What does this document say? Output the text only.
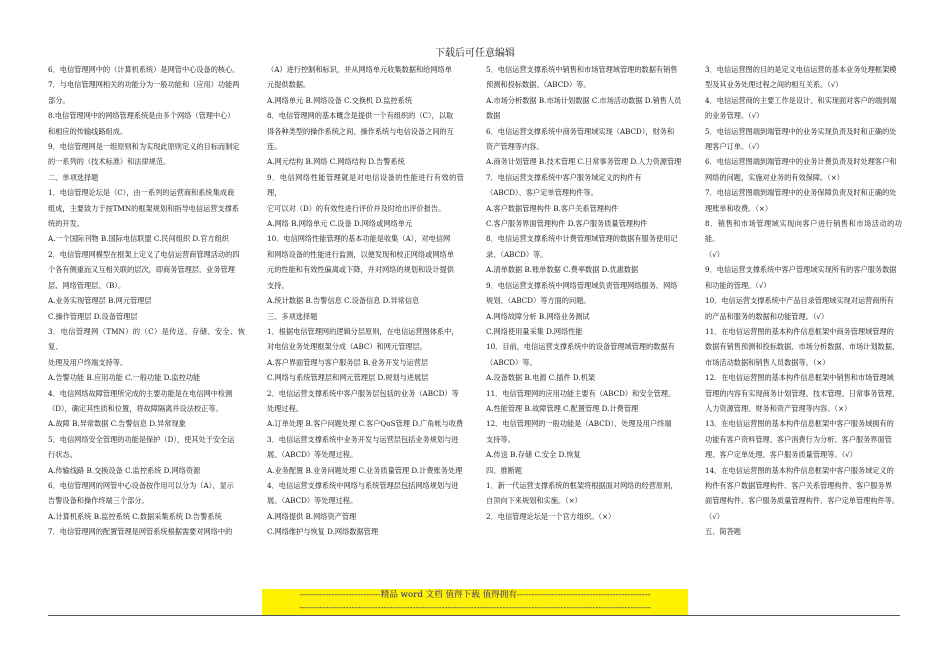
下载后可任意编辑

6．电信管理网中的（计算机系统）是网管中心设备的核心。

7．与电信管理网相关的功能分为一般功能和（应用）功能两

部分。

8.电信管理网中的网络管理系统是由多个网络（管理中心）

和相应的传输线路组成。

9．电信管理网是一组原则和为实现此原则定义的目标而制定

的一系列的（技术标准）和法律规范。

二、单项选择题

1．电信管理论坛是（C），由一系列的运营商和系统集成商

组成，主要致力于按TMN的框架规划和指导电信运营支撑系

统的开发。

A.一个国际刊物 B.国际电信联盟 C.民间组织 D.官方组织

2．电信管理网模型在框架上定义了电信运营商管理活动的四

个各有侧重而又互相关联的层次，即商务管理层、业务管理

层、网络管理层、（B）。

A.业务实现管理层 B.网元管理层

C.操作管理层 D.设备管理层

3．电信管理网（TMN）的（C）是传送、存储、安全、恢复、

处理及用户终端支持等。

A.告警功能 B.应用功能 C.一般功能 D.监控功能

4．电信网络故障管理所完成的主要功能是在电信网中检测

（D），确定其性质和位置，将故障隔离并设法校正等。

A.故障 B.异常数据 C.告警信息 D.异常现象

5．电信网络安全管理的功能是保护（D），使其处于安全运

行状态。

A.传输线路 B.交换设备 C.监控系统 D.网络资源

6．电信管理网的网管中心设备按作用可以分为（A）、显示

告警设备和操作终端三个部分。

A.计算机系统 B.监控系统 C.数据采集系统 D.告警系统

7．电信管理网的配置管理是网管系统根据需要对网络中的

（A）进行控制和标识，并从网络单元收集数据和给网络单

元提供数据。

A.网络单元 B.网络设备 C.交换机 D.监控系统

8．电信管理网的基本概念是提供一个有组织的（C），以取

得各种类型的操作系统之间、操作系统与电信设备之间的互

连。

A.网元结构 B.网络 C.网络结构 D.告警系统

9．电信网络性能管理就是对电信设备的性能进行有效的管理，

它可以对（D）的有效性进行评价并及时给出评价报告。

A.网络 B.网络单元 C.设备 D.网络或网络单元

10．电信网络性能管理的基本功能是收集（A），对电信网

和网络设备的性能进行监测，以便发现和校正网络或网络单

元的性能和有效性偏离或下降，并对网络的规划和设计提供

支持。

A.统计数据 B.告警信息 C.设备信息 D.异常信息

三、多项选择题

1．根据电信管理网的逻辑分层原则，在电信运营图体系中，

对电信业务处理框架分成（ABC）和网元管理层。

A.客户界面管理与客户服务层 B.业务开发与运营层

C.网络与系统管理层和网元管理层 D.规划与进展层

2．电信运营支撑系统中客户服务层包括的业务（ABCD）等

处理过程。

A.订单处理 B.客户问题处理 C.客户QoS管理 D.广角帐与收费

3．电信运营支撑系统中业务开发与运营层包括业务规划与进

展、（ABCD）等处理过程。

A.业务配置 B.业务问题处理 C.业务质量管理 D.计费账务处理

4．电信运营支撑系统中网络与系统管理层包括网络规划与进

展、（ABCD）等处理过程。

A.网络提供 B.网络资产管理

C.网络维护与恢复 D.网络数据管理

5．电信运营支撑系统中销售和市场管理域管理的数据有销售

预测和投标数据、（ABCD）等。

A.市场分析数据 B.市场计划数据 C.市场活动数据 D.销售人员

数据

6．电信运营支撑系统中商务管理域实现（ABCD），财务和

资产管理等内容。

A.商务计划管理 B.技术管理 C.日常事务管理 D.人力资源管理

7．电信运营支撑系统中客户服务域定义的构件有

（ABCD）、客户定单管理构件等。

A.客户数据管理构件 B.客户关系管理构件

C.客户服务界面管理构件 D.客户服务质量管理构件

8．电信运营支撑系统中计费管理域管理的数据有服务使用记

录、（ABCD）等。

A.清单数据 B.账单数据 C.费率数据 D.优惠数据

9．电信运营支撑系统中网络管理域负责管理网络服务、网络

规划、（ABCD）等方面的问题。

A.网络故障分析 B.网络业务测试

C.网络使用量采集 D.网络性能

10．目前，电信运营支撑系统中的设备管理域管理的数据有

（ABCD）等。

A.设备数据 B.电源 C.插件 D.机架

11．电信管理网的应用功能主要有（ABCD）和安全管理。

A.性能管理 B.故障管理 C.配置管理 D.计费管理

12．电信管理网的一般功能是（ABCD）、处理及用户终端

支持等。

A.传送 B.存储 C.安全 D.恢复

四、推断题

1．新一代运营支撑系统的框架将根据面对网络的经营原则，

自顶向下来规划和实施。（×）

2．电信管理论坛是一个官方组织。（×）

3．电信运营图的目的是定义电信运营的基本业务处理框架模

型及其业务处理过程之间的相互关系。（√）

4．电信运营商的主要工作是设计、和实现面对客户的端到端

的业务管理。（√）

5．电信运营图端到端管理中的业务实现负责及时和正确的处

理客户订单。（√）

6．电信运营图端到端管理中的业务计费负责及时处理客户和

网络的问题，实施对业务的有效保障。（×）

7．电信运营图端到端管理中的业务保障负责及时和正确的处

理账单和收费。（×）

8．销售和市场管理域实现向客户进行销售和市场活动的功能。

（√）

9．电信运营支撑系统中客户管理域实现所有的客户服务数据

和功能的管理。（√）

10．电信运营支撑系统中产品目录管理域实现对运营商所有

的产品和服务的数据和功能管理。（√）

11．在电信运营图的基本构件信息框架中商务管理域管理的

数据有销售预测和投标数据、市场分析数据、市场计划数据、

市场活动数据和销售人员数据等。（×）

12．在电信运营图的基本构件信息框架中销售和市场管理域

管理的内容有实现商务计划管理、技术管理、日常事务管理、

人力资源管理、财务和资产管理等内容。（×）

13．在电信运营图的基本构件信息框架中客户服务域拥有的

功能有客户资料管理、客户消费行为分析、客户服务界面管

理、客户定单处理、客户服务质量管理等。（√）

14．在电信运营图的基本构件信息框架中客户服务域定义的

构件有客户数据管理构件、客户关系管理构件、客户服务界

面管理构件、客户服务质量管理构件、客户定单管理构件等。

（√）

五、简答题

----------------------------精品 word 文档 值得下载 值得拥有----------------------------------------------
-------------------------------------------------------------------------------------------------------------------------
